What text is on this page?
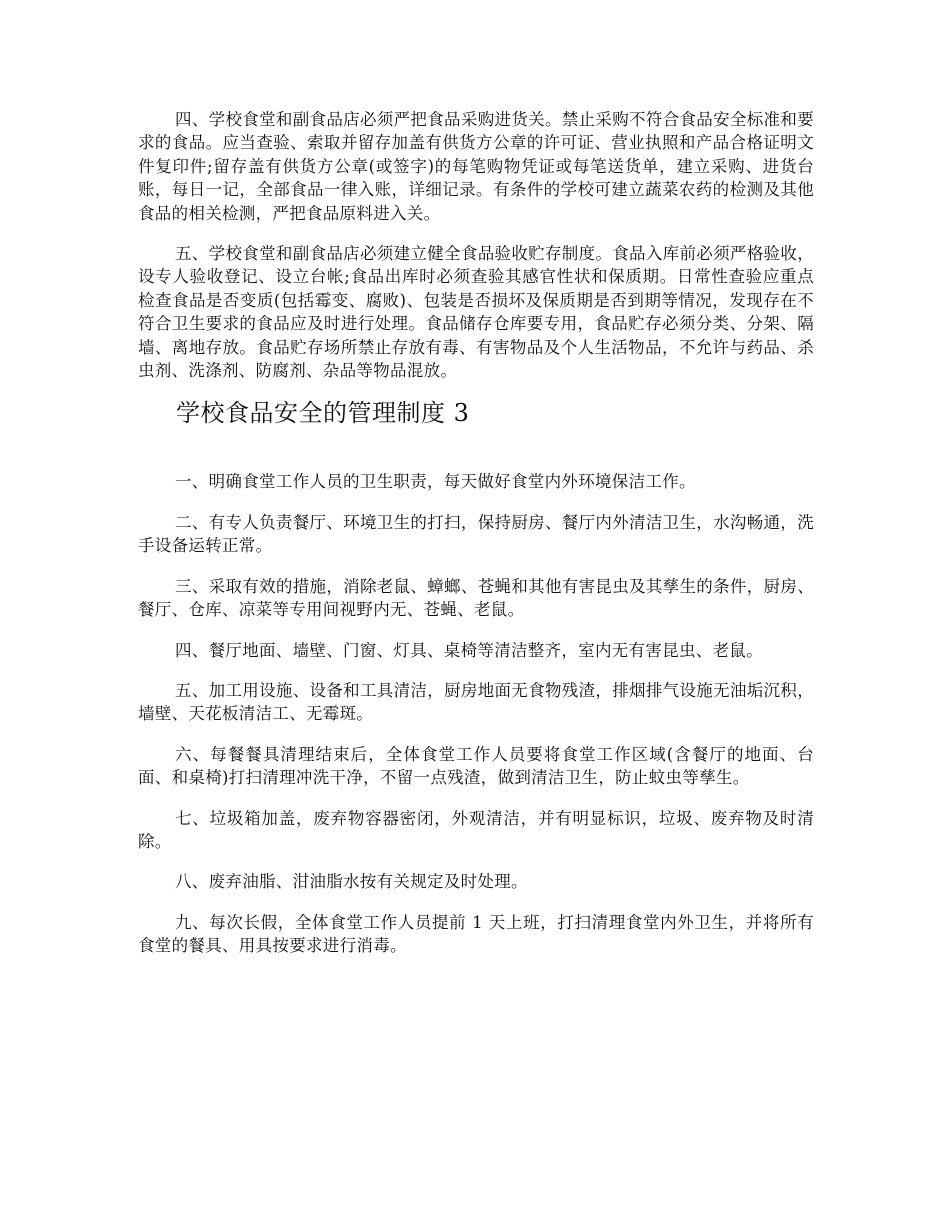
四、学校食堂和副食品店必须严把食品采购进货关。禁止采购不符合食品安全标准和要求的食品。应当查验、索取并留存加盖有供货方公章的许可证、营业执照和产品合格证明文件复印件;留存盖有供货方公章(或签字)的每笔购物凭证或每笔送货单，建立采购、进货台账，每日一记，全部食品一律入账，详细记录。有条件的学校可建立蔬菜农药的检测及其他食品的相关检测，严把食品原料进入关。

五、学校食堂和副食品店必须建立健全食品验收贮存制度。食品入库前必须严格验收，设专人验收登记、设立台帐;食品出库时必须查验其感官性状和保质期。日常性查验应重点检查食品是否变质(包括霉变、腐败)、包装是否损坏及保质期是否到期等情况，发现存在不符合卫生要求的食品应及时进行处理。食品储存仓库要专用，食品贮存必须分类、分架、隔墙、离地存放。食品贮存场所禁止存放有毒、有害物品及个人生活物品，不允许与药品、杀虫剂、洗涤剂、防腐剂、杂品等物品混放。

学校食品安全的管理制度 3

一、明确食堂工作人员的卫生职责，每天做好食堂内外环境保洁工作。

二、有专人负责餐厅、环境卫生的打扫，保持厨房、餐厅内外清洁卫生，水沟畅通，洗手设备运转正常。

三、采取有效的措施，消除老鼠、蟑螂、苍蝇和其他有害昆虫及其孳生的条件，厨房、餐厅、仓库、凉菜等专用间视野内无、苍蝇、老鼠。

四、餐厅地面、墙壁、门窗、灯具、桌椅等清洁整齐，室内无有害昆虫、老鼠。

五、加工用设施、设备和工具清洁，厨房地面无食物残渣，排烟排气设施无油垢沉积，墙壁、天花板清洁工、无霉斑。

六、每餐餐具清理结束后，全体食堂工作人员要将食堂工作区域(含餐厅的地面、台面、和桌椅)打扫清理冲洗干净，不留一点残渣，做到清洁卫生，防止蚊虫等孳生。

七、垃圾箱加盖，废弃物容器密闭，外观清洁，并有明显标识，垃圾、废弃物及时清除。

八、废弃油脂、泔油脂水按有关规定及时处理。

九、每次长假，全体食堂工作人员提前 1 天上班，打扫清理食堂内外卫生，并将所有食堂的餐具、用具按要求进行消毒。
